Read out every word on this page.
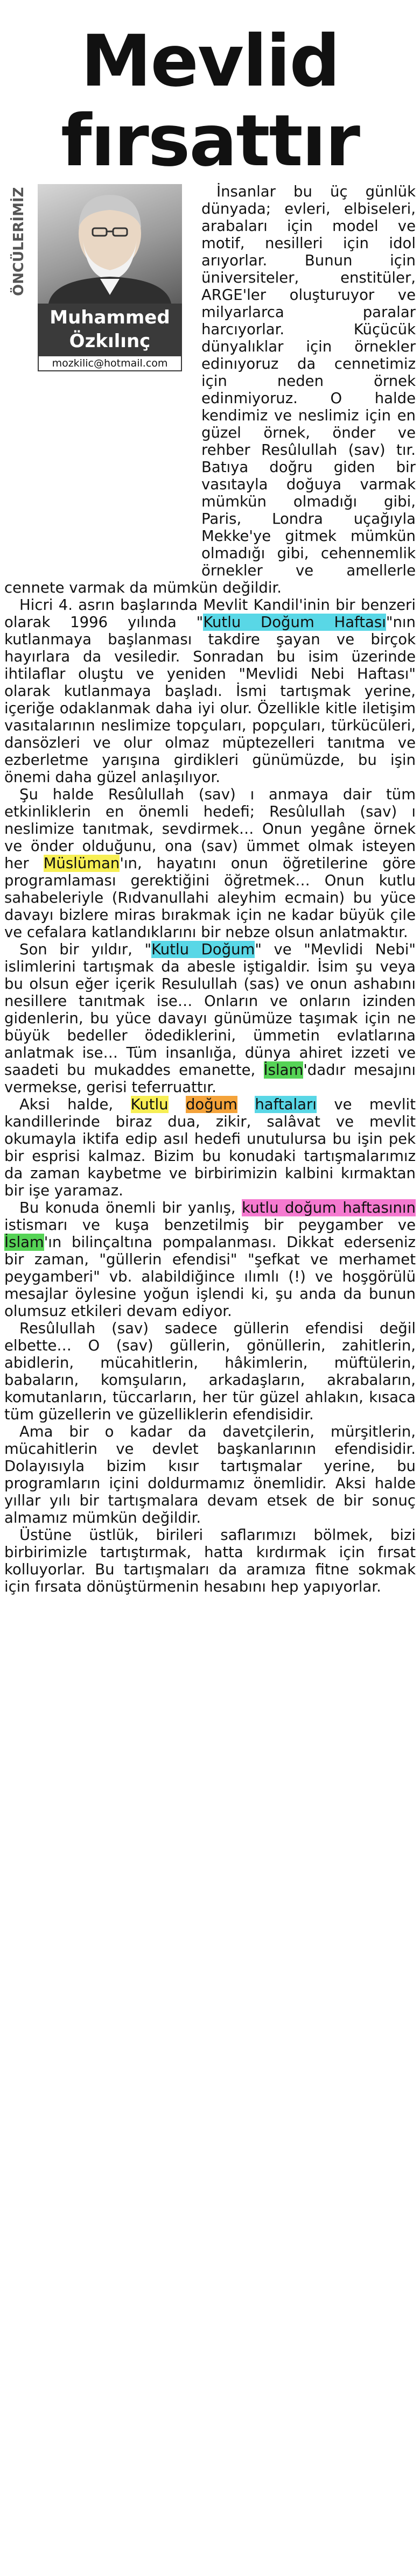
Mevlid
fırsattır

İnsanlar bu üç günlük dünyada; evleri, elbiseleri, arabaları için model ve motif, nesilleri için idol arıyorlar. Bunun için üniversiteler, enstitüler, ARGE'ler oluşturuyor ve milyarlarca paralar harcıyorlar. Küçücük dünyalıklar için örnekler edinıyoruz da cennetimiz için neden örnek edinmiyoruz. O halde kendimiz ve neslimiz için en güzel örnek, önder ve rehber Resûlullah (sav) tır. Batıya doğru giden bir vasıtayla doğuya varmak mümkün olmadığı gibi, Paris, Londra uçağıyla Mekke'ye gitmek mümkün olmadığı gibi, cehennemlik örnekler ve amellerle cennete varmak da mümkün değildir.

Hicri 4. asrın başlarında Mevlit Kandil'inin bir benzeri olarak 1996 yılında "Kutlu Doğum Haftası"nın kutlanmaya başlanması takdire şayan ve birçok hayırlara da vesiledir. Sonradan bu isim üzerinde ihtilaflar oluştu ve yeniden "Mevlidi Nebi Haftası" olarak kutlanmaya başladı. İsmi tartışmak yerine, içeriğe odaklanmak daha iyi olur. Özellikle kitle iletişim vasıtalarının neslimize topçuları, popçuları, türkücüleri, dansözleri ve olur olmaz müptezelleri tanıtma ve ezberletme yarışına girdikleri günümüzde, bu işin önemi daha güzel anlaşılıyor.

Şu halde Resûlullah (sav) ı anmaya dair tüm etkinliklerin en önemli hedefi; Resûlullah (sav) ı neslimize tanıtmak, sevdirmek… Onun yegâne örnek ve önder olduğunu, ona (sav) ümmet olmak isteyen her Müslüman'ın, hayatını onun öğretilerine göre programlaması gerektiğini öğretmek… Onun kutlu sahabeleriyle (Rıdvanullahi aleyhim ecmain) bu yüce davayı bizlere miras bırakmak için ne kadar büyük çile ve cefalara katlandıklarını bir nebze olsun anlatmaktır.

Son bir yıldır, "Kutlu Doğum" ve "Mevlidi Nebi" islimlerini tartışmak da abesle iştigaldir. İsim şu veya bu olsun eğer içerik Resulullah (sas) ve onun ashabını nesillere tanıtmak ise… Onların ve onların izinden gidenlerin, bu yüce davayı günümüze taşımak için ne büyük bedeller ödediklerini, ümmetin evlatlarına anlatmak ise… Tüm insanlığa, dünya ahiret izzeti ve saadeti bu mukaddes emanette, İslam'dadır mesajını vermekse, gerisi teferruattır.

Aksi halde, Kutlu doğum haftaları ve mevlit kandillerinde biraz dua, zikir, salâvat ve mevlit okumayla iktifa edip asıl hedefi unutulursa bu işin pek bir esprisi kalmaz. Bizim bu konudaki tartışmalarımız da zaman kaybetme ve birbirimizin kalbini kırmaktan bir işe yaramaz.

Bu konuda önemli bir yanlış, kutlu doğum haftasının istismarı ve kuşa benzetilmiş bir peygamber ve İslam'ın bilinçaltına pompalanması. Dikkat ederseniz bir zaman, "güllerin efendisi" "şefkat ve merhamet peygamberi" vb. alabildiğince ılımlı (!) ve hoşgörülü mesajlar öylesine yoğun işlendi ki, şu anda da bunun olumsuz etkileri devam ediyor.

Resûlullah (sav) sadece güllerin efendisi değil elbette… O (sav) güllerin, gönüllerin, zahitlerin, abidlerin, mücahitlerin, hâkimlerin, müftülerin, babaların, komşuların, arkadaşların, akrabaların, komutanların, tüccarların, her tür güzel ahlakın, kısaca tüm güzellerin ve güzelliklerin efendisidir.

Ama bir o kadar da davetçilerin, mürşitlerin, mücahitlerin ve devlet başkanlarının efendisidir. Dolayısıyla bizim kısır tartışmalar yerine, bu programların içini doldurmamız önemlidir. Aksi halde yıllar yılı bir tartışmalara devam etsek de bir sonuç almamız mümkün değildir.

Üstüne üstlük, birileri saflarımızı bölmek, bizi birbirimizle tartıştırmak, hatta kırdırmak için fırsat kolluyorlar. Bu tartışmaları da aramıza fitne sokmak için fırsata dönüştürmenin hesabını hep yapıyorlar.

ÖNCÜLERİMİZ
Muhammed
Özkılınç
mozkilic@hotmail.com
